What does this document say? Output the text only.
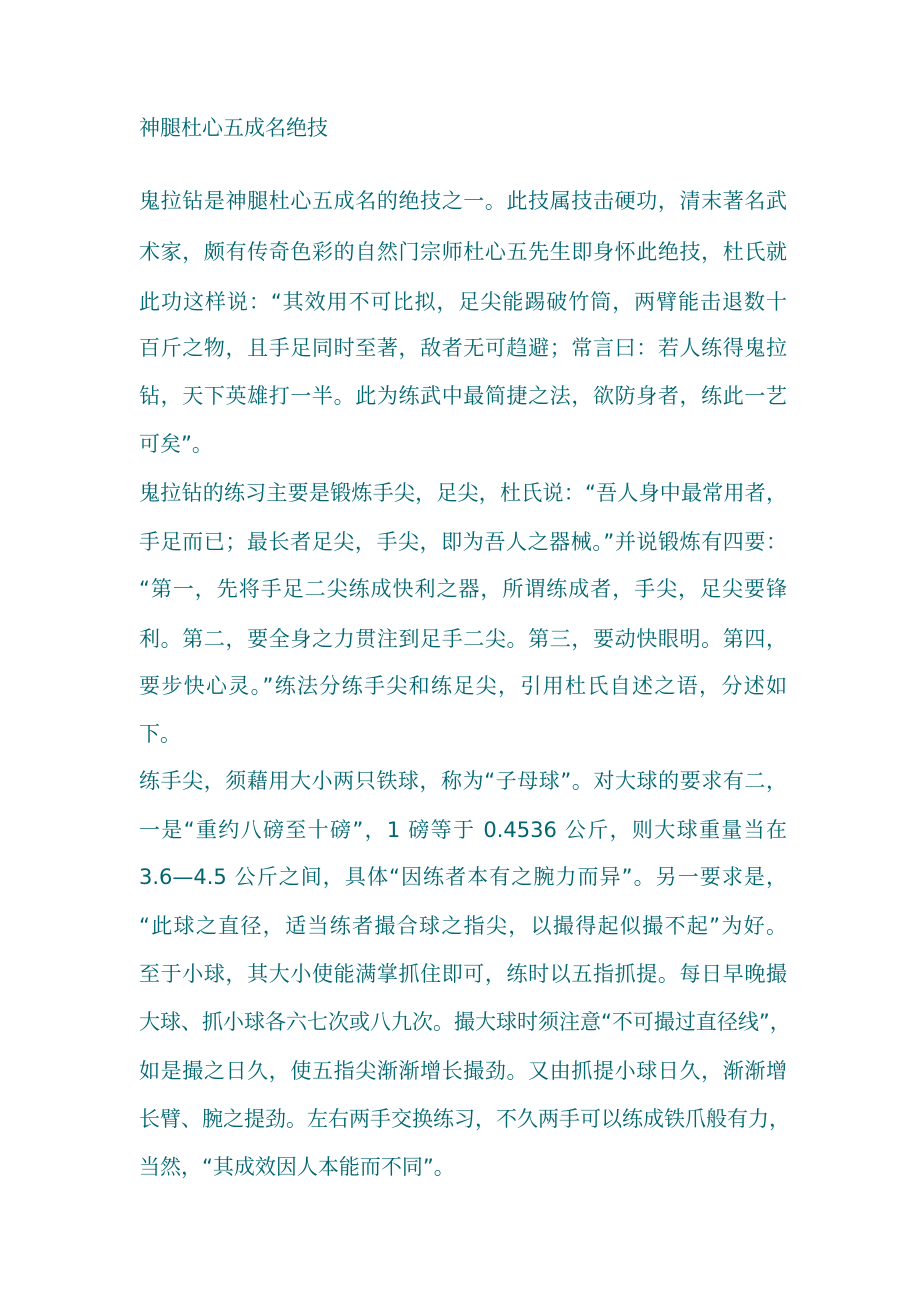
神腿杜心五成名绝技
鬼拉钻是神腿杜心五成名的绝技之一。此技属技击硬功，清末著名武
术家，颇有传奇色彩的自然门宗师杜心五先生即身怀此绝技，杜氏就
此功这样说：“其效用不可比拟，足尖能踢破竹筒，两臂能击退数十
百斤之物，且手足同时至著，敌者无可趋避；常言曰：若人练得鬼拉
钻，天下英雄打一半。此为练武中最简捷之法，欲防身者，练此一艺
可矣”。
鬼拉钻的练习主要是锻炼手尖，足尖，杜氏说：“吾人身中最常用者，
手足而已；最长者足尖，手尖，即为吾人之器械。”并说锻炼有四要：
“第一，先将手足二尖练成快利之器，所谓练成者，手尖，足尖要锋
利。第二，要全身之力贯注到足手二尖。第三，要动快眼明。第四，
要步快心灵。”练法分练手尖和练足尖，引用杜氏自述之语，分述如
下。
练手尖，须藉用大小两只铁球，称为“子母球”。对大球的要求有二，
一是“重约八磅至十磅”，1 磅等于 0.4536 公斤，则大球重量当在
3.6—4.5 公斤之间，具体“因练者本有之腕力而异”。另一要求是，
“此球之直径，适当练者撮合球之指尖，以撮得起似撮不起”为好。
至于小球，其大小使能满掌抓住即可，练时以五指抓提。每日早晚撮
大球、抓小球各六七次或八九次。撮大球时须注意“不可撮过直径线”，
如是撮之日久，使五指尖渐渐增长撮劲。又由抓提小球日久，渐渐增
长臂、腕之提劲。左右两手交换练习，不久两手可以练成铁爪般有力，
当然，“其成效因人本能而不同”。
